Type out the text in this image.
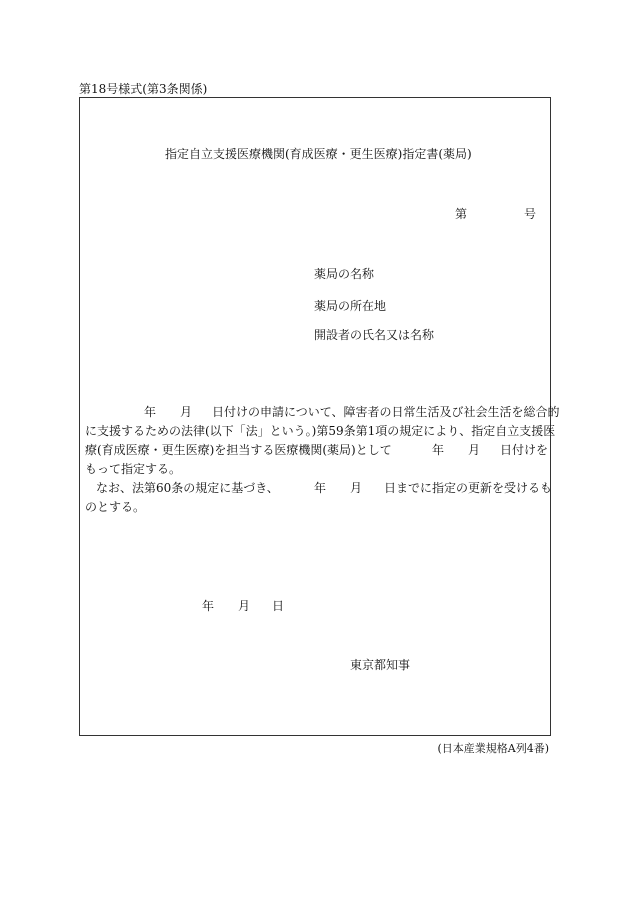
第18号様式(第3条関係)
指定自立支援医療機関(育成医療・更生医療)指定書(薬局)
第	号
薬局の名称
薬局の所在地
開設者の氏名又は名称
年 月 日付けの申請について、障害者の日常生活及び社会生活を総合的
に支援するための法律(以下「法」という。)第59条第1項の規定により、指定自立支援医
療(育成医療・更生医療)を担当する医療機関(薬局)として	年 月 日付けを
もって指定する。
なお、法第60条の規定に基づき、	年 月 日までに指定の更新を受けるも
のとする。
年 月 日
東京都知事
(日本産業規格A列4番)
